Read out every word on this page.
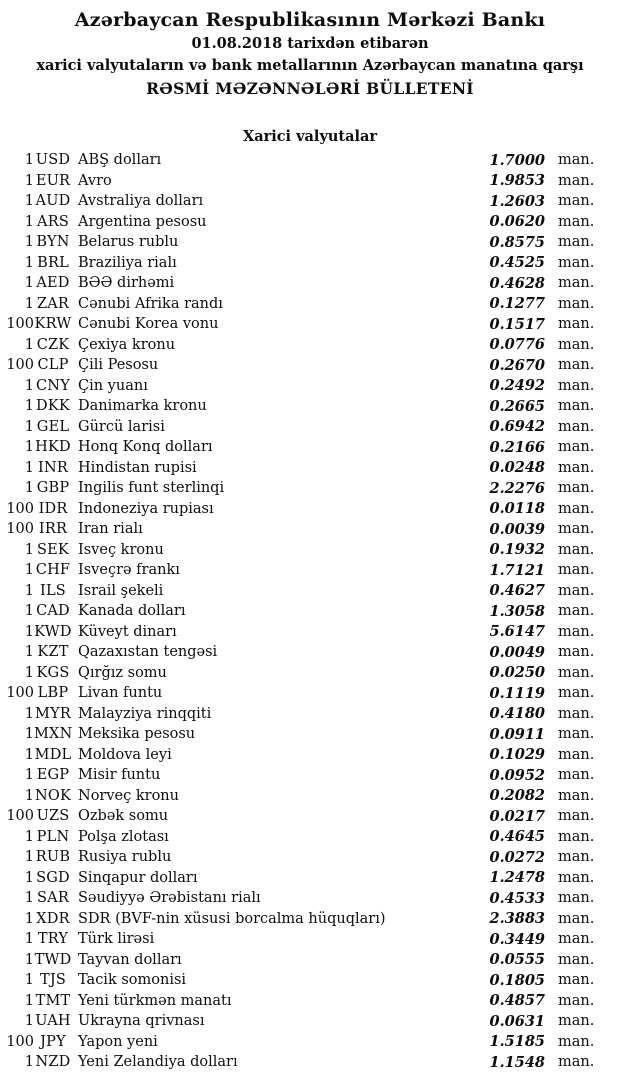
Azərbaycan Respublikasının Mərkəzi Bankı
01.08.2018 tarixdən etibarən
xarici valyutaların və bank metallarının Azərbaycan manatına qarşı
RƏSMİ MƏZƏNNƏLƏRİ BÜLLETENİ
Xarici valyutalar
1 USD ABŞ dolları	1.7000 man.
1 EUR Avro	1.9853 man.
1 AUD Avstraliya dolları	1.2603 man.
1 ARS Argentina pesosu	0.0620 man.
1 BYN Belarus rublu	0.8575 man.
1 BRL Braziliya rialı	0.4525 man.
1 AED BƏƏ dirhəmi	0.4628 man.
1 ZAR Cənubi Afrika randı	0.1277 man.
100 KRW Cənubi Korea vonu	0.1517 man.
1 CZK Çexiya kronu	0.0776 man.
100 CLP Çili Pesosu	0.2670 man.
1 CNY Çin yuanı	0.2492 man.
1 DKK Danimarka kronu	0.2665 man.
1 GEL Gürcü larisi	0.6942 man.
1 HKD Honq Konq dolları	0.2166 man.
1 INR Hindistan rupisi	0.0248 man.
1 GBP İngilis funt sterlinqi	2.2276 man.
100 IDR İndoneziya rupiası	0.0118 man.
100 IRR İran rialı	0.0039 man.
1 SEK İsveç kronu	0.1932 man.
1 CHF İsveçrə frankı	1.7121 man.
1 ILS İsrail şekeli	0.4627 man.
1 CAD Kanada dolları	1.3058 man.
1 KWD Küveyt dinarı	5.6147 man.
1 KZT Qazaxıstan tengəsi	0.0049 man.
1 KGS Qırğız somu	0.0250 man.
100 LBP Livan funtu	0.1119 man.
1 MYR Malayziya rinqqiti	0.4180 man.
1 MXN Meksika pesosu	0.0911 man.
1 MDL Moldova leyi	0.1029 man.
1 EGP Misir funtu	0.0952 man.
1 NOK Norveç kronu	0.2082 man.
100 UZS Özbək somu	0.0217 man.
1 PLN Polşa zlotası	0.4645 man.
1 RUB Rusiya rublu	0.0272 man.
1 SGD Sinqapur dolları	1.2478 man.
1 SAR Səudiyyə Ərəbistanı rialı	0.4533 man.
1 XDR SDR (BVF-nin xüsusi borcalma hüquqları)	2.3883 man.
1 TRY Türk lirəsi	0.3449 man.
1 TWD Tayvan dolları	0.0555 man.
1 TJS Tacik somonisi	0.1805 man.
1 TMT Yeni türkmən manatı	0.4857 man.
1 UAH Ukrayna qrivnası	0.0631 man.
100 JPY Yapon yeni	1.5185 man.
1 NZD Yeni Zelandiya dolları	1.1548 man.
